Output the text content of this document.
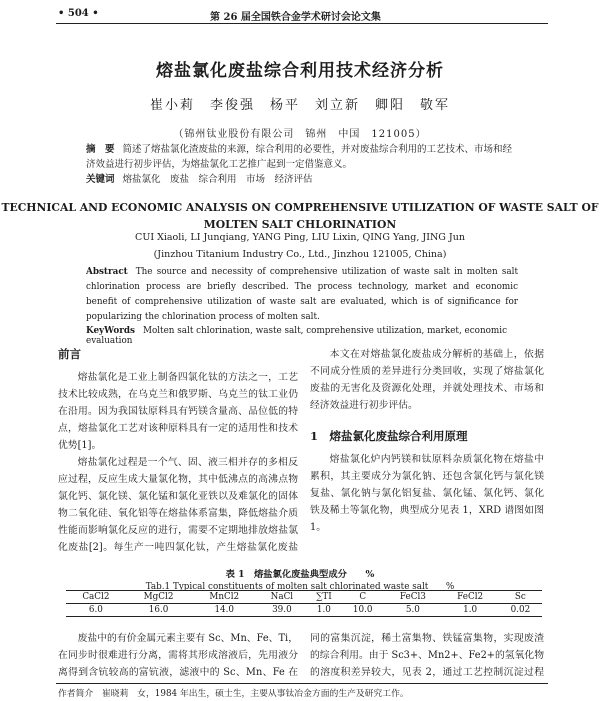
• 504 •	第 26 届全国铁合金学术研讨会论文集
熔盐氯化废盐综合利用技术经济分析
崔小莉　李俊强　杨平　刘立新　卿阳　敬军
（锦州钛业股份有限公司　锦州　中国　121005）
摘　要 简述了熔盐氯化渣废盐的来源，综合利用的必要性，并对废盐综合利用的工艺技术、市场和经济效益进行初步评估，为熔盐氯化工艺推广起到一定借鉴意义。
关键词 熔盐氯化　废盐　综合利用　市场　经济评估
TECHNICAL AND ECONOMIC ANALYSIS ON COMPREHENSIVE UTILIZATION OF WASTE SALT OF MOLTEN SALT CHLORINATION
CUI Xiaoli, LI Junqiang, YANG Ping, LIU Lixin, QING Yang, JING Jun
(Jinzhou Titanium Industry Co., Ltd., Jinzhou 121005, China)
Abstract The source and necessity of comprehensive utilization of waste salt in molten salt chlorination process are briefly described. The process technology, market and economic benefit of comprehensive utilization of waste salt are evaluated, which is of significance for popularizing the chlorination process of molten salt.
KeyWords Molten salt chlorination, waste salt, comprehensive utilization, market, economic evaluation
前言

熔盐氯化是工业上制备四氯化钛的方法之一，工艺技术比较成熟，在乌克兰和俄罗斯、乌克兰的钛工业仍在沿用。因为我国钛原料具有钙镁含量高、品位低的特点，熔盐氯化工艺对该种原料具有一定的适用性和技术优势[1]。

熔盐氯化过程是一个气、固、液三相并存的多相反应过程，反应生成大量氯化物，其中低沸点的高沸点物氯化钙、氯化镁、氯化锰和氯化亚铁以及难氯化的固体物二氧化硅、氧化铝等在熔盐体系富集，降低熔盐介质性能而影响氯化反应的进行，需要不定期地排放熔盐氯化废盐[2]。每生产一吨四氯化钛，产生熔盐氯化废盐

本文在对熔盐氯化废盐成分解析的基础上，依据不同成分性质的差异进行分类回收，实现了熔盐氯化废盐的无害化及资源化处理，并就处理技术、市场和经济效益进行初步评估。

1　熔盐氯化废盐综合利用原理

熔盐氯化炉内钙镁和钛原料杂质氯化物在熔盐中累积，其主要成分为氯化钠、还包含氯化钙与氯化镁复盐、氯化钠与氯化铝复盐、氯化锰、氯化钙、氯化铁及稀土等氯化物，典型成分见表 1，XRD 谱图如图 1。

表 1　熔盐氯化废盐典型成分　　%
Tab.1 Typical constituents of molten salt chlorinated waste salt　　%
CaCl2	MgCl2	MnCl2	NaCl	∑TI	C	FeCl3	FeCl2	Sc
6.0	16.0	14.0	39.0	1.0	10.0	5.0	1.0	0.02

废盐中的有价金属元素主要有 Sc、Mn、Fe、Ti，在同步时很难进行分离，需将其形成溶液后，先用液分离得到含钪较高的富钪液，滤液中的 Sc、Mn、Fe 在

同的富集沉淀，稀土富集物、铁锰富集物，实现废渣的综合利用。由于 Sc3+、Mn2+、Fe2+的氢氧化物的溶度积差异较大，见表 2，通过工艺控制沉淀过程

作者简介　崔晓莉　女，1984 年出生，硕士生，主要从事钛冶金方面的生产及研究工作。
